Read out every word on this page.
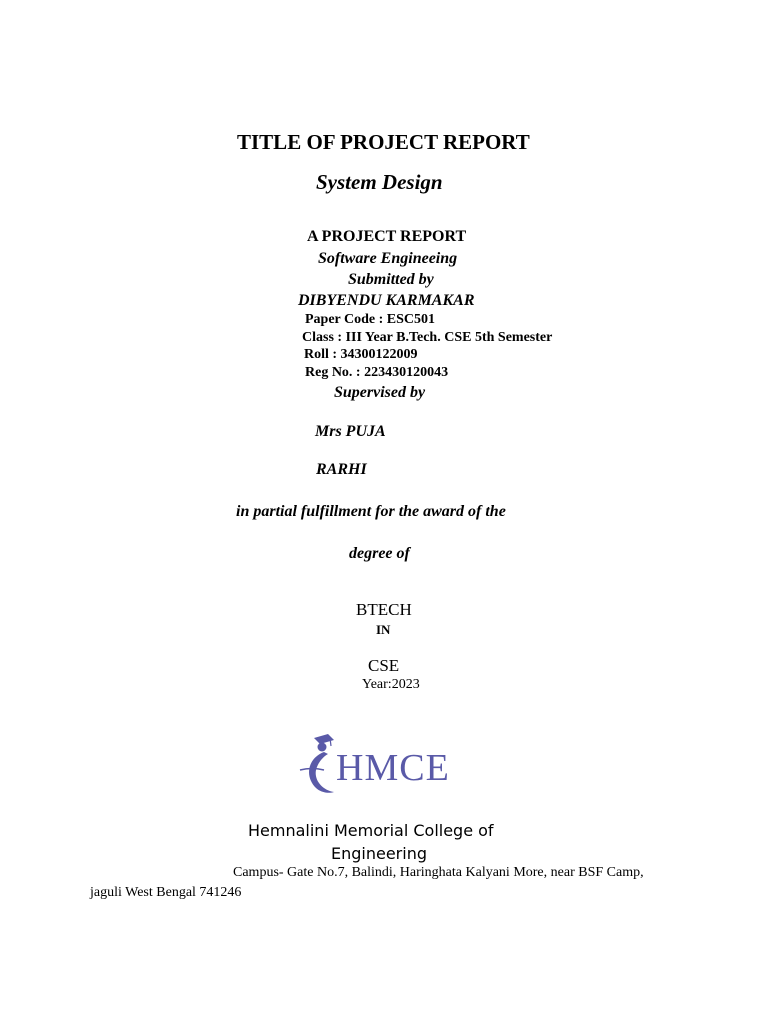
TITLE OF PROJECT REPORT
System Design
A PROJECT REPORT
Software Engineeing
Submitted by
DIBYENDU KARMAKAR
Paper Code : ESC501
Class : III Year B.Tech. CSE 5th Semester
Roll : 34300122009
Reg No. : 223430120043
Supervised by
Mrs PUJA
RARHI
in partial fulfillment for the award of the
degree of
BTECH
IN
CSE
Year:2023
HMCE
Hemnalini Memorial College of
Engineering
Campus- Gate No.7, Balindi, Haringhata Kalyani More, near BSF Camp,
jaguli West Bengal 741246
